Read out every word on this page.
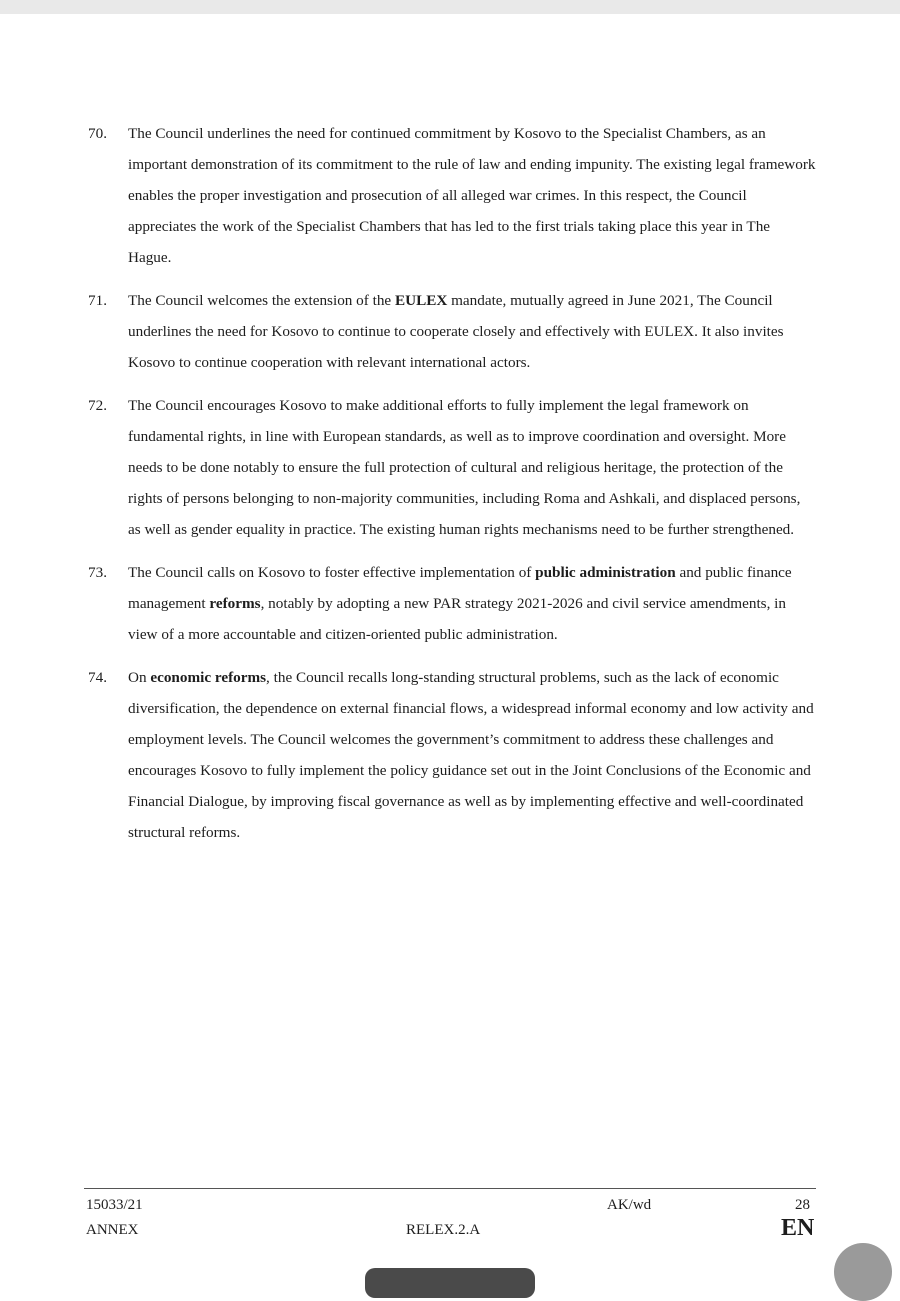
70. The Council underlines the need for continued commitment by Kosovo to the Specialist Chambers, as an important demonstration of its commitment to the rule of law and ending impunity. The existing legal framework enables the proper investigation and prosecution of all alleged war crimes. In this respect, the Council appreciates the work of the Specialist Chambers that has led to the first trials taking place this year in The Hague.
71. The Council welcomes the extension of the EULEX mandate, mutually agreed in June 2021, The Council underlines the need for Kosovo to continue to cooperate closely and effectively with EULEX. It also invites Kosovo to continue cooperation with relevant international actors.
72. The Council encourages Kosovo to make additional efforts to fully implement the legal framework on fundamental rights, in line with European standards, as well as to improve coordination and oversight. More needs to be done notably to ensure the full protection of cultural and religious heritage, the protection of the rights of persons belonging to non-majority communities, including Roma and Ashkali, and displaced persons, as well as gender equality in practice. The existing human rights mechanisms need to be further strengthened.
73. The Council calls on Kosovo to foster effective implementation of public administration and public finance management reforms, notably by adopting a new PAR strategy 2021-2026 and civil service amendments, in view of a more accountable and citizen-oriented public administration.
74. On economic reforms, the Council recalls long-standing structural problems, such as the lack of economic diversification, the dependence on external financial flows, a widespread informal economy and low activity and employment levels. The Council welcomes the government’s commitment to address these challenges and encourages Kosovo to fully implement the policy guidance set out in the Joint Conclusions of the Economic and Financial Dialogue, by improving fiscal governance as well as by implementing effective and well-coordinated structural reforms.
15033/21
ANNEX
AK/wd
RELEX.2.A
28
EN
